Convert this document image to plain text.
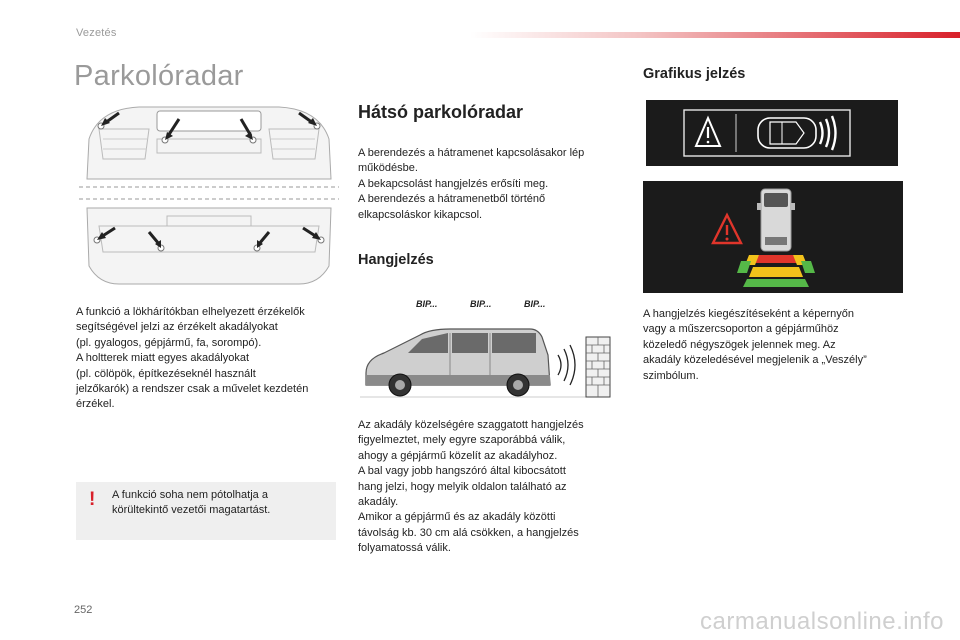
Vezetés
Parkolóradar

A funkció a lökhárítókban elhelyezett érzékelők
segítségével jelzi az érzékelt akadályokat
(pl. gyalogos, gépjármű, fa, sorompó).
A holtterek miatt egyes akadályokat
(pl. cölöpök, építkezéseknél használt
jelzőkarók) a rendszer csak a művelet kezdetén
érzékel.

! A funkció soha nem pótolhatja a
körültekintő vezetői magatartást.

Hátsó parkolóradar

A berendezés a hátramenet kapcsolásakor lép
működésbe.
A bekapcsolást hangjelzés erősíti meg.
A berendezés a hátramenetből történő
elkapcsoláskor kikapcsol.

Hangjelzés
BIP...	BIP...	BIP...

Az akadály közelségére szaggatott hangjelzés
figyelmeztet, mely egyre szaporábbá válik,
ahogy a gépjármű közelít az akadályhoz.
A bal vagy jobb hangszóró által kibocsátott
hang jelzi, hogy melyik oldalon található az
akadály.
Amikor a gépjármű és az akadály közötti
távolság kb. 30 cm alá csökken, a hangjelzés
folyamatossá válik.

Grafikus jelzés

A hangjelzés kiegészítéseként a képernyőn
vagy a műszercsoporton a gépjárműhöz
közeledő négyszögek jelennek meg. Az
akadály közeledésével megjelenik a „Veszély”
szimbólum.

252	carmanualsonline.info
